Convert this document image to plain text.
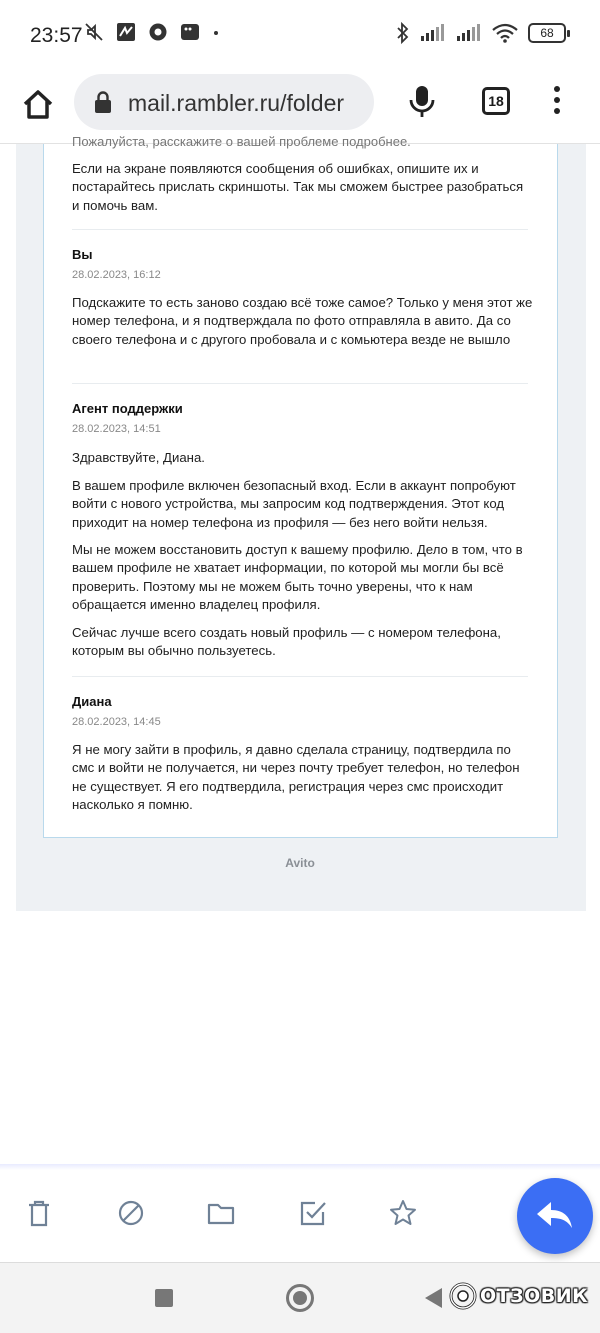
23:57	68
mail.rambler.ru/folder	18
Пожалуйста, расскажите о вашей проблеме подробнее.
Если на экране появляются сообщения об ошибках, опишите их и постарайтесь прислать скриншоты. Так мы сможем быстрее разобраться и помочь вам.
Вы
28.02.2023, 16:12
Подскажите то есть заново создаю всё тоже самое? Только у меня этот же номер телефона, и я подтверждала по фото отправляла в авито. Да со своего телефона и с другого пробовала и с комьютера везде не вышло
Агент поддержки
28.02.2023, 14:51
Здравствуйте, Диана.
В вашем профиле включен безопасный вход. Если в аккаунт попробуют войти с нового устройства, мы запросим код подтверждения. Этот код приходит на номер телефона из профиля — без него войти нельзя.
Мы не можем восстановить доступ к вашему профилю. Дело в том, что в вашем профиле не хватает информации, по которой мы могли бы всё проверить. Поэтому мы не можем быть точно уверены, что к нам обращается именно владелец профиля.
Сейчас лучше всего создать новый профиль — с номером телефона, которым вы обычно пользуетесь.
Диана
28.02.2023, 14:45
Я не могу зайти в профиль, я давно сделала страницу, подтвердила по смс и войти не получается, ни через почту требует телефон, но телефон не существует. Я его подтвердила, регистрация через смс происходит насколько я помню.
Avito
ОТЗОВИК
